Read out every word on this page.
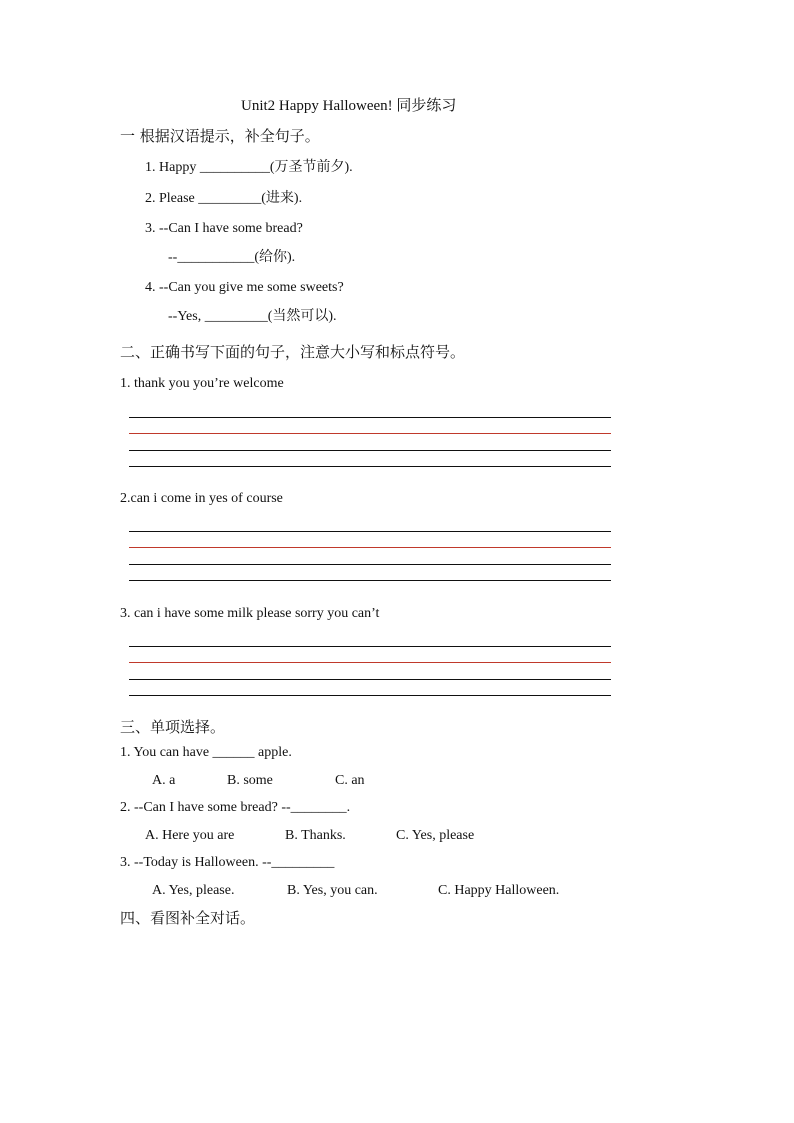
Unit2 Happy Halloween! 同步练习
一 根据汉语提示，补全句子。
1. Happy __________(万圣节前夕).
2. Please _________(进来).
3. --Can I have some bread?
--___________(给你).
4. --Can you give me some sweets?
--Yes, _________(当然可以).
二、正确书写下面的句子，注意大小写和标点符号。
1. thank you you’re welcome
2.can i come in yes of course
3. can i have some milk please sorry you can’t
三、单项选择。
1. You can have ______ apple.
A. a	B. some	C. an
2. --Can I have some bread? --________.
A. Here you are	B. Thanks.	C. Yes, please
3. --Today is Halloween. --_________
A. Yes, please.	B. Yes, you can.	C. Happy Halloween.
四、看图补全对话。
